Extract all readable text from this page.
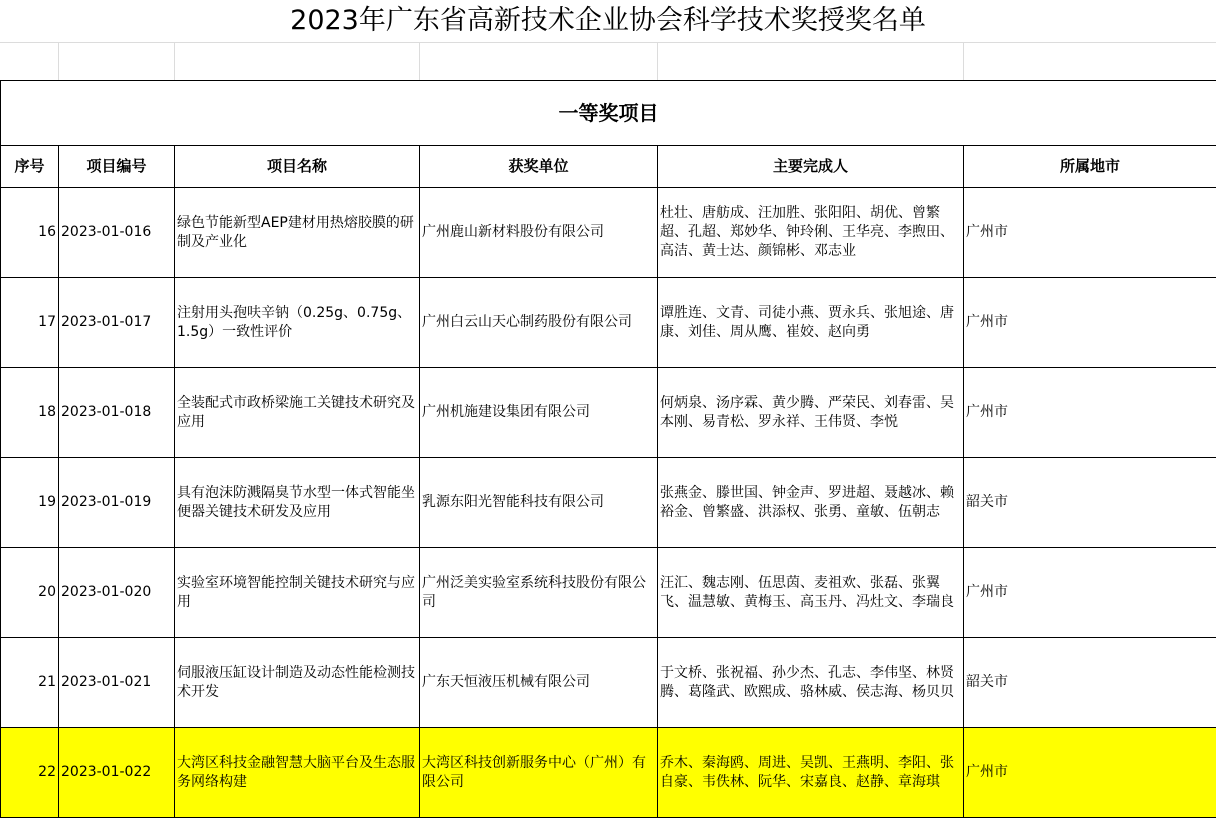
2023年广东省高新技术企业协会科学技术奖授奖名单
一等奖项目					
序号	项目编号	项目名称	获奖单位	主要完成人	所属地市
16	2023-01-016	绿色节能新型AEP建材用热熔胶膜的研制及产业化	广州鹿山新材料股份有限公司	杜壮、唐舫成、汪加胜、张阳阳、胡优、曾繁超、孔超、郑妙华、钟玲俐、王华亮、李煦田、高洁、黄士达、颜锦彬、邓志业	广州市
17	2023-01-017	注射用头孢呋辛钠（0.25g、0.75g、1.5g）一致性评价	广州白云山天心制药股份有限公司	谭胜连、文青、司徒小燕、贾永兵、张旭途、唐康、刘佳、周从鹰、崔姣、赵向勇	广州市
18	2023-01-018	全装配式市政桥梁施工关键技术研究及应用	广州机施建设集团有限公司	何炳泉、汤序霖、黄少腾、严荣民、刘春雷、吴本刚、易青松、罗永祥、王伟贤、李悦	广州市
19	2023-01-019	具有泡沫防溅隔臭节水型一体式智能坐便器关键技术研发及应用	乳源东阳光智能科技有限公司	张燕金、滕世国、钟金声、罗进超、聂越冰、赖裕金、曾繁盛、洪添权、张勇、童敏、伍朝志	韶关市
20	2023-01-020	实验室环境智能控制关键技术研究与应用	广州泛美实验室系统科技股份有限公司	汪汇、魏志刚、伍思茵、麦祖欢、张磊、张翼飞、温慧敏、黄梅玉、高玉丹、冯灶文、李瑞良	广州市
21	2023-01-021	伺服液压缸设计制造及动态性能检测技术开发	广东天恒液压机械有限公司	于文桥、张祝福、孙少杰、孔志、李伟坚、林贤腾、葛隆武、欧熙成、骆林威、侯志海、杨贝贝	韶关市
22	2023-01-022	大湾区科技金融智慧大脑平台及生态服务网络构建	大湾区科技创新服务中心（广州）有限公司	乔木、秦海鸥、周进、吴凯、王燕明、李阳、张自豪、韦佚林、阮华、宋嘉良、赵静、章海琪	广州市
